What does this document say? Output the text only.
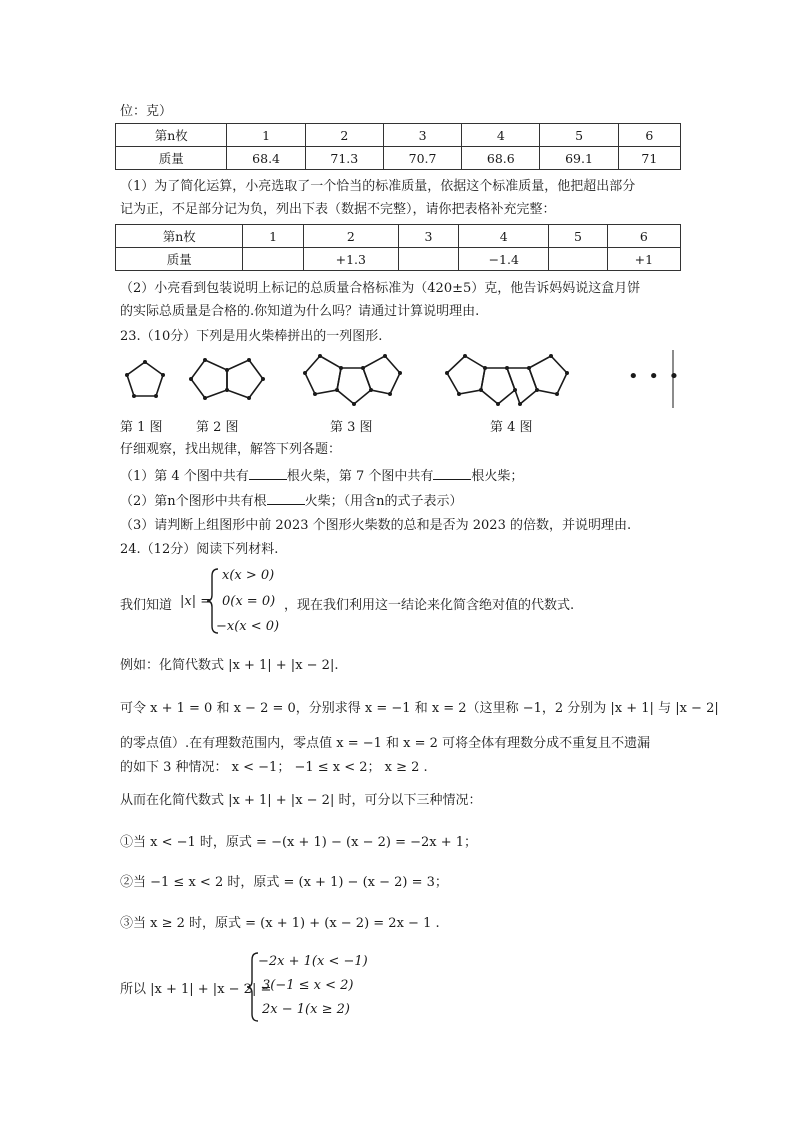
位：克）
第n枚	1	2	3	4	5	6
质量	68.4	71.3	70.7	68.6	69.1	71
（1）为了简化运算，小亮选取了一个恰当的标准质量，依据这个标准质量，他把超出部分
记为正，不足部分记为负，列出下表（数据不完整），请你把表格补充完整：
第n枚	1	2	3	4	5	6
质量		+1.3		−1.4		+1
（2）小亮看到包装说明上标记的总质量合格标准为（420±5）克，他告诉妈妈说这盒月饼
的实际总质量是合格的.你知道为什么吗？请通过计算说明理由.
23.（10分）下列是用火柴棒拼出的一列图形.
• • •
第 1 图	第 2 图	第 3 图	第 4 图
仔细观察，找出规律，解答下列各题：
（1）第 4 个图中共有	根火柴，第 7 个图中共有	根火柴；
（2）第n个图形中共有根	火柴；（用含n的式子表示）
（3）请判断上组图形中前 2023 个图形火柴数的总和是否为 2023 的倍数，并说明理由.
24.（12分）阅读下列材料.
我们知道 |x| =
x(x > 0)
0(x = 0)
−x(x < 0)
，现在我们利用这一结论来化简含绝对值的代数式.
例如：化简代数式 |x + 1| + |x − 2|.
可令 x + 1 = 0 和 x − 2 = 0，分别求得 x = −1 和 x = 2（这里称 −1，2 分别为 |x + 1| 与 |x − 2|
的零点值）.在有理数范围内，零点值 x = −1 和 x = 2 可将全体有理数分成不重复且不遗漏
的如下 3 种情况： x < −1； −1 ≤ x < 2； x ≥ 2 .
从而在化简代数式 |x + 1| + |x − 2| 时，可分以下三种情况：
①当 x < −1 时，原式 = −(x + 1) − (x − 2) = −2x + 1；
②当 −1 ≤ x < 2 时，原式 = (x + 1) − (x − 2) = 3；
③当 x ≥ 2 时，原式 = (x + 1) + (x − 2) = 2x − 1 .
所以 |x + 1| + |x − 2| =
−2x + 1(x < −1)
3(−1 ≤ x < 2)
2x − 1(x ≥ 2)
